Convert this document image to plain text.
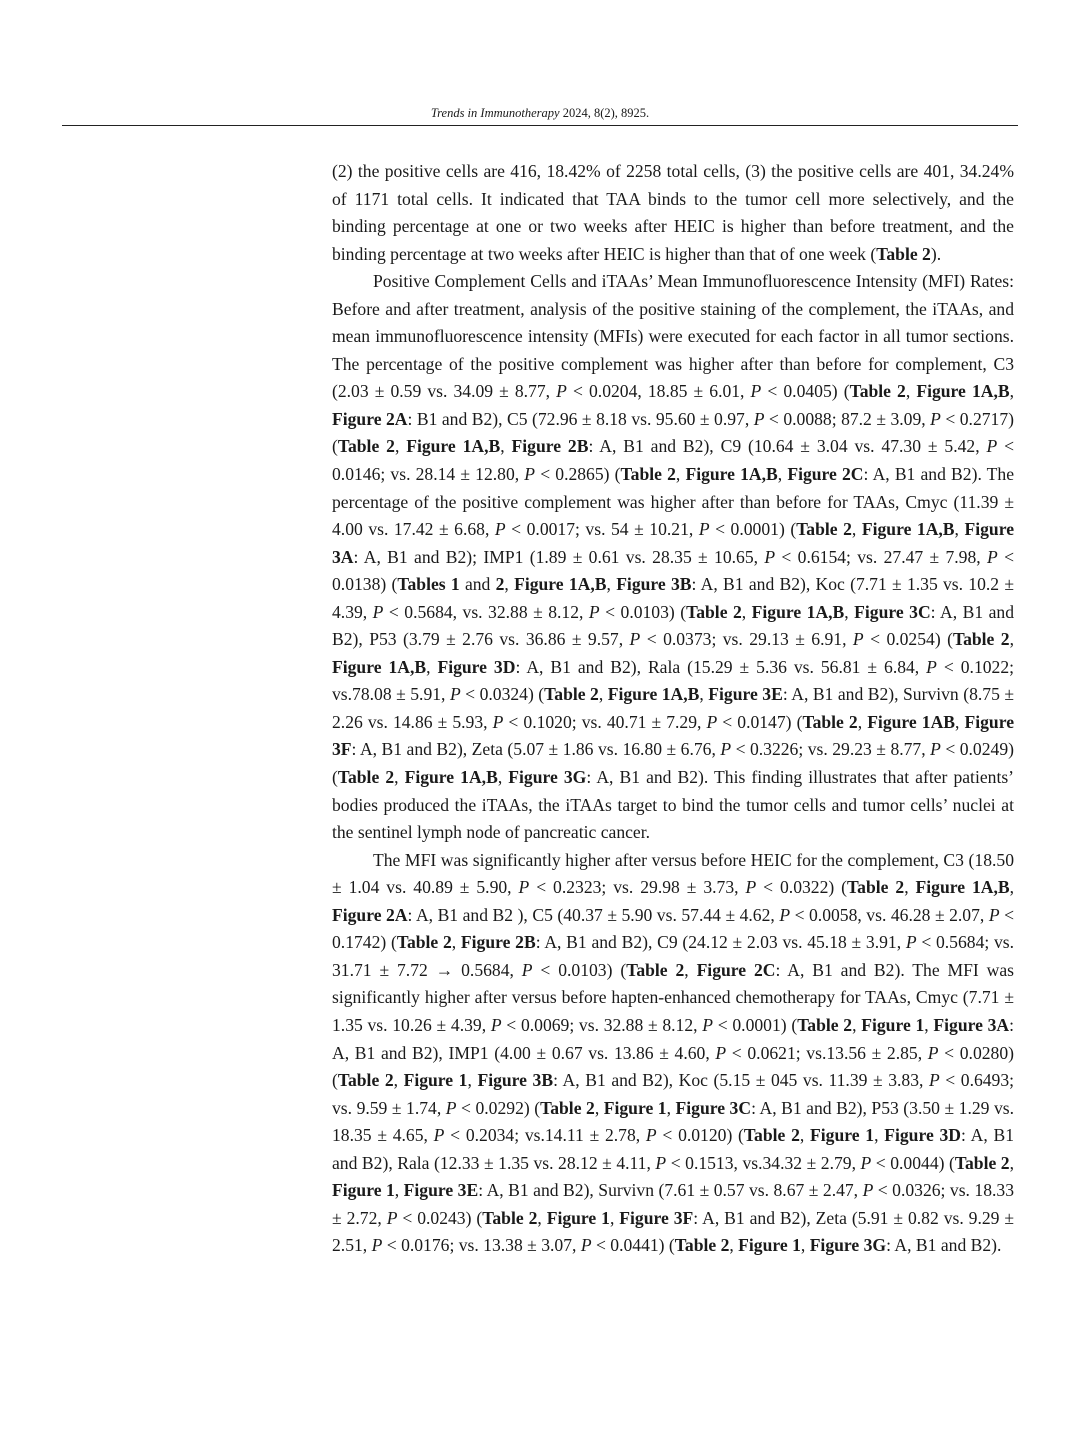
Trends in Immunotherapy 2024, 8(2), 8925.

(2) the positive cells are 416, 18.42% of 2258 total cells, (3) the positive cells are 401, 34.24% of 1171 total cells. It indicated that TAA binds to the tumor cell more selectively, and the binding percentage at one or two weeks after HEIC is higher than before treatment, and the binding percentage at two weeks after HEIC is higher than that of one week (Table 2).

Positive Complement Cells and iTAAs’ Mean Immunofluorescence Intensity (MFI) Rates: Before and after treatment, analysis of the positive staining of the complement, the iTAAs, and mean immunofluorescence intensity (MFIs) were executed for each factor in all tumor sections. The percentage of the positive complement was higher after than before for complement, C3 (2.03 ± 0.59 vs. 34.09 ± 8.77, P < 0.0204, 18.85 ± 6.01, P < 0.0405) (Table 2, Figure 1A,B, Figure 2A: B1 and B2), C5 (72.96 ± 8.18 vs. 95.60 ± 0.97, P < 0.0088; 87.2 ± 3.09, P < 0.2717) (Table 2, Figure 1A,B, Figure 2B: A, B1 and B2), C9 (10.64 ± 3.04 vs. 47.30 ± 5.42, P < 0.0146; vs. 28.14 ± 12.80, P < 0.2865) (Table 2, Figure 1A,B, Figure 2C: A, B1 and B2). The percentage of the positive complement was higher after than before for TAAs, Cmyc (11.39 ± 4.00 vs. 17.42 ± 6.68, P < 0.0017; vs. 54 ± 10.21, P < 0.0001) (Table 2, Figure 1A,B, Figure 3A: A, B1 and B2); IMP1 (1.89 ± 0.61 vs. 28.35 ± 10.65, P < 0.6154; vs. 27.47 ± 7.98, P < 0.0138) (Tables 1 and 2, Figure 1A,B, Figure 3B: A, B1 and B2), Koc (7.71 ± 1.35 vs. 10.2 ± 4.39, P < 0.5684, vs. 32.88 ± 8.12, P < 0.0103) (Table 2, Figure 1A,B, Figure 3C: A, B1 and B2), P53 (3.79 ± 2.76 vs. 36.86 ± 9.57, P < 0.0373; vs. 29.13 ± 6.91, P < 0.0254) (Table 2, Figure 1A,B, Figure 3D: A, B1 and B2), Rala (15.29 ± 5.36 vs. 56.81 ± 6.84, P < 0.1022; vs.78.08 ± 5.91, P < 0.0324) (Table 2, Figure 1A,B, Figure 3E: A, B1 and B2), Survivn (8.75 ± 2.26 vs. 14.86 ± 5.93, P < 0.1020; vs. 40.71 ± 7.29, P < 0.0147) (Table 2, Figure 1AB, Figure 3F: A, B1 and B2), Zeta (5.07 ± 1.86 vs. 16.80 ± 6.76, P < 0.3226; vs. 29.23 ± 8.77, P < 0.0249) (Table 2, Figure 1A,B, Figure 3G: A, B1 and B2). This finding illustrates that after patients’ bodies produced the iTAAs, the iTAAs target to bind the tumor cells and tumor cells’ nuclei at the sentinel lymph node of pancreatic cancer.

The MFI was significantly higher after versus before HEIC for the complement, C3 (18.50 ± 1.04 vs. 40.89 ± 5.90, P < 0.2323; vs. 29.98 ± 3.73, P < 0.0322) (Table 2, Figure 1A,B, Figure 2A: A, B1 and B2 ), C5 (40.37 ± 5.90 vs. 57.44 ± 4.62, P < 0.0058, vs. 46.28 ± 2.07, P < 0.1742) (Table 2, Figure 2B: A, B1 and B2), C9 (24.12 ± 2.03 vs. 45.18 ± 3.91, P < 0.5684; vs. 31.71 ± 7.72 → 0.5684, P < 0.0103) (Table 2, Figure 2C: A, B1 and B2). The MFI was significantly higher after versus before hapten-enhanced chemotherapy for TAAs, Cmyc (7.71 ± 1.35 vs. 10.26 ± 4.39, P < 0.0069; vs. 32.88 ± 8.12, P < 0.0001) (Table 2, Figure 1, Figure 3A: A, B1 and B2), IMP1 (4.00 ± 0.67 vs. 13.86 ± 4.60, P < 0.0621; vs.13.56 ± 2.85, P < 0.0280) (Table 2, Figure 1, Figure 3B: A, B1 and B2), Koc (5.15 ± 045 vs. 11.39 ± 3.83, P < 0.6493; vs. 9.59 ± 1.74, P < 0.0292) (Table 2, Figure 1, Figure 3C: A, B1 and B2), P53 (3.50 ± 1.29 vs. 18.35 ± 4.65, P < 0.2034; vs.14.11 ± 2.78, P < 0.0120) (Table 2, Figure 1, Figure 3D: A, B1 and B2), Rala (12.33 ± 1.35 vs. 28.12 ± 4.11, P < 0.1513, vs.34.32 ± 2.79, P < 0.0044) (Table 2, Figure 1, Figure 3E: A, B1 and B2), Survivn (7.61 ± 0.57 vs. 8.67 ± 2.47, P < 0.0326; vs. 18.33 ± 2.72, P < 0.0243) (Table 2, Figure 1, Figure 3F: A, B1 and B2), Zeta (5.91 ± 0.82 vs. 9.29 ± 2.51, P < 0.0176; vs. 13.38 ± 3.07, P < 0.0441) (Table 2, Figure 1, Figure 3G: A, B1 and B2).
